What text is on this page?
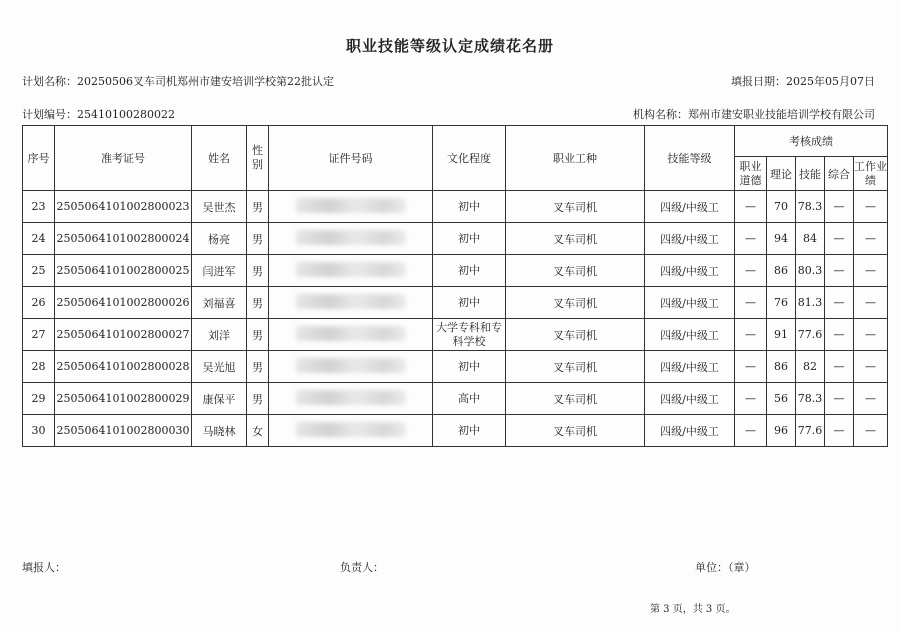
职业技能等级认定成绩花名册
计划名称：20250506叉车司机郑州市建安培训学校第22批认定	填报日期：2025年05月07日
计划编号：25410100280022	机构名称：郑州市建安职业技能培训学校有限公司
序号	准考证号	姓名	性别	证件号码	文化程度	职业工种	技能等级	考核成绩				
								职业道德	理论	技能	综合	工作业绩
23	2505064101002800023	吴世杰	男		初中	叉车司机	四级/中级工	—	70	78.3	—	—
24	2505064101002800024	杨亮	男		初中	叉车司机	四级/中级工	—	94	84	—	—
25	2505064101002800025	闫进军	男		初中	叉车司机	四级/中级工	—	86	80.3	—	—
26	2505064101002800026	刘福喜	男		初中	叉车司机	四级/中级工	—	76	81.3	—	—
27	2505064101002800027	刘洋	男		大学专科和专科学校	叉车司机	四级/中级工	—	91	77.6	—	—
28	2505064101002800028	吴光旭	男		初中	叉车司机	四级/中级工	—	86	82	—	—
29	2505064101002800029	康保平	男		高中	叉车司机	四级/中级工	—	56	78.3	—	—
30	2505064101002800030	马晓林	女		初中	叉车司机	四级/中级工	—	96	77.6	—	—
填报人：	负责人：	单位：（章）
第 3 页，共 3 页。
